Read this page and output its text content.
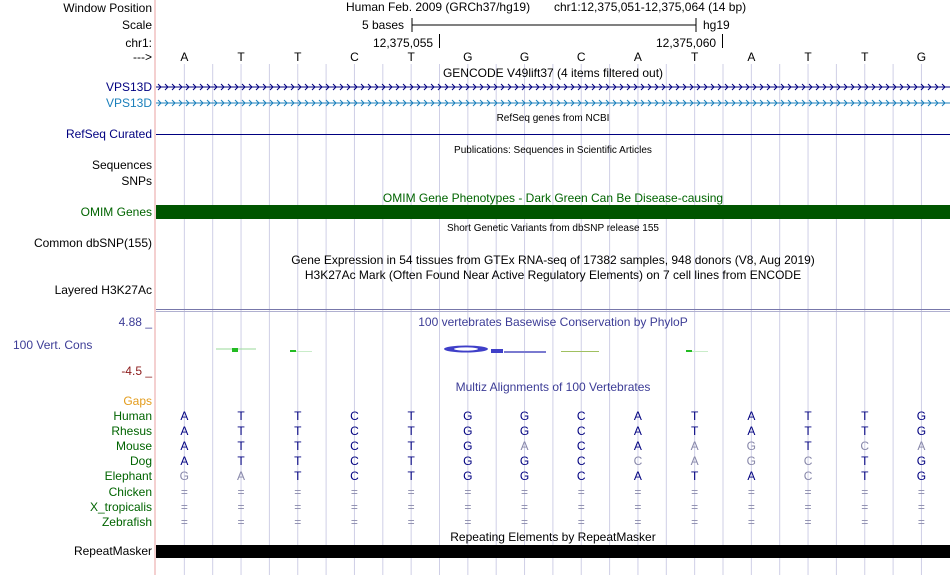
Window Position
Scale
chr1:
--->
Human Feb. 2009 (GRCh37/hg19) chr1:12,375,051-12,375,064 (14 bp)
5 bases	hg19
12,375,055	12,375,060
A	T	T	C	T	G	G	C	A	T	A	T	T	G
GENCODE V49lift37 (4 items filtered out)
VPS13D
VPS13D
RefSeq genes from NCBI
RefSeq Curated
Publications: Sequences in Scientific Articles
Sequences
SNPs
OMIM Gene Phenotypes - Dark Green Can Be Disease-causing
OMIM Genes
Short Genetic Variants from dbSNP release 155
Common dbSNP(155)
Gene Expression in 54 tissues from GTEx RNA-seq of 17382 samples, 948 donors (V8, Aug 2019)
H3K27Ac Mark (Often Found Near Active Regulatory Elements) on 7 cell lines from ENCODE
Layered H3K27Ac
4.88 _	100 vertebrates Basewise Conservation by PhyloP
100 Vert. Cons
-4.5 _
Multiz Alignments of 100 Vertebrates
Gaps
Human A	T	T	C	T	G	G	C	A	T	A	T	T	G
Rhesus A	T	T	C	T	G	G	C	A	T	A	T	T	G
Mouse A	T	T	C	T	G	A	C	A	A	G	T	C	A
Dog A	T	T	C	T	G	G	C	C	A	G	C	T	G
Elephant G	A	T	C	T	G	G	C	A	T	A	C	T	G
Chicken =	=	=	=	=	=	=	=	=	=	=	=	=	=
X_tropicalis =	=	=	=	=	=	=	=	=	=	=	=	=	=
Zebrafish =	=	=	=	=	=	=	=	=	=	=	=	=	=
Repeating Elements by RepeatMasker
RepeatMasker
